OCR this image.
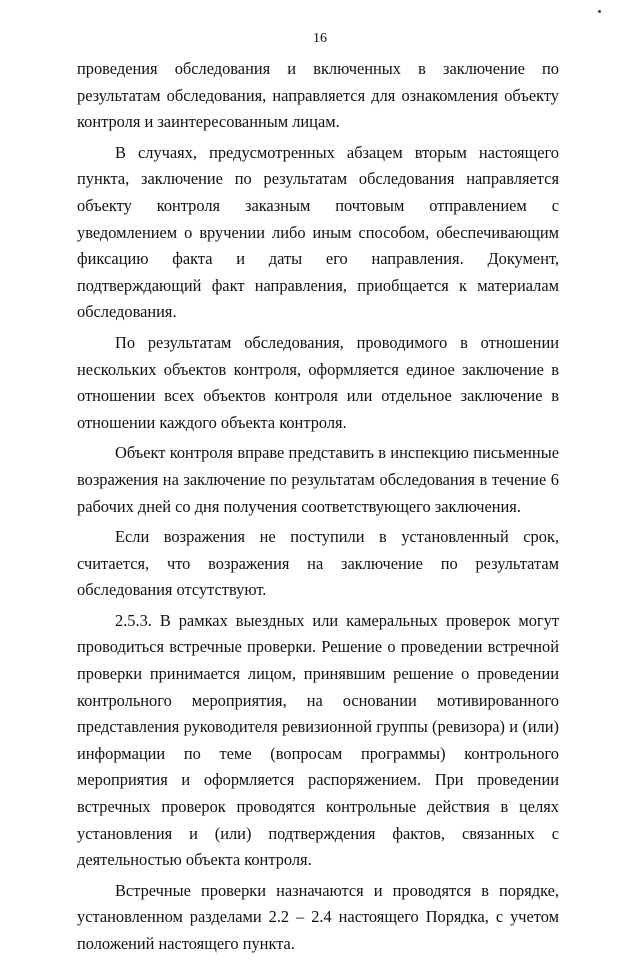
16

проведения обследования и включенных в заключение по результатам обследования, направляется для ознакомления объекту контроля и заинтересованным лицам.

В случаях, предусмотренных абзацем вторым настоящего пункта, заключение по результатам обследования направляется объекту контроля заказным почтовым отправлением с уведомлением о вручении либо иным способом, обеспечивающим фиксацию факта и даты его направления. Документ, подтверждающий факт направления, приобщается к материалам обследования.

По результатам обследования, проводимого в отношении нескольких объектов контроля, оформляется единое заключение в отношении всех объектов контроля или отдельное заключение в отношении каждого объекта контроля.

Объект контроля вправе представить в инспекцию письменные возражения на заключение по результатам обследования в течение 6 рабочих дней со дня получения соответствующего заключения.

Если возражения не поступили в установленный срок, считается, что возражения на заключение по результатам обследования отсутствуют.

2.5.3. В рамках выездных или камеральных проверок могут проводиться встречные проверки. Решение о проведении встречной проверки принимается лицом, принявшим решение о проведении контрольного мероприятия, на основании мотивированного представления руководителя ревизионной группы (ревизора) и (или) информации по теме (вопросам программы) контрольного мероприятия и оформляется распоряжением. При проведении встречных проверок проводятся контрольные действия в целях установления и (или) подтверждения фактов, связанных с деятельностью объекта контроля.

Встречные проверки назначаются и проводятся в порядке, установленном разделами 2.2 – 2.4 настоящего Порядка, с учетом положений настоящего пункта.
